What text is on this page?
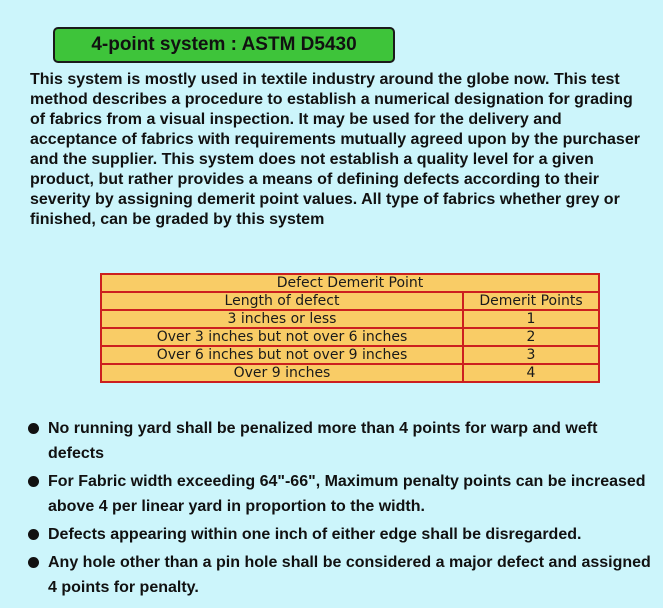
4-point system : ASTM D5430

This system is mostly used in textile industry around the globe now. This test method describes a procedure to establish a numerical designation for grading of fabrics from a visual inspection. It may be used for the delivery and acceptance of fabrics with requirements mutually agreed upon by the purchaser and the supplier. This system does not establish a quality level for a given product, but rather provides a means of defining defects according to their severity by assigning demerit point values. All type of fabrics whether grey or finished, can be graded by this system

Defect Demerit Point	
Length of defect	Demerit Points
3 inches or less	1
Over 3 inches but not over 6 inches	2
Over 6 inches but not over 9 inches	3
Over 9 inches	4
No running yard shall be penalized more than 4 points for warp and weft defects
For Fabric width exceeding 64"-66", Maximum penalty points can be increased above 4 per linear yard in proportion to the width.
Defects appearing within one inch of either edge shall be disregarded.
Any hole other than a pin hole shall be considered a major defect and assigned 4 points for penalty.
